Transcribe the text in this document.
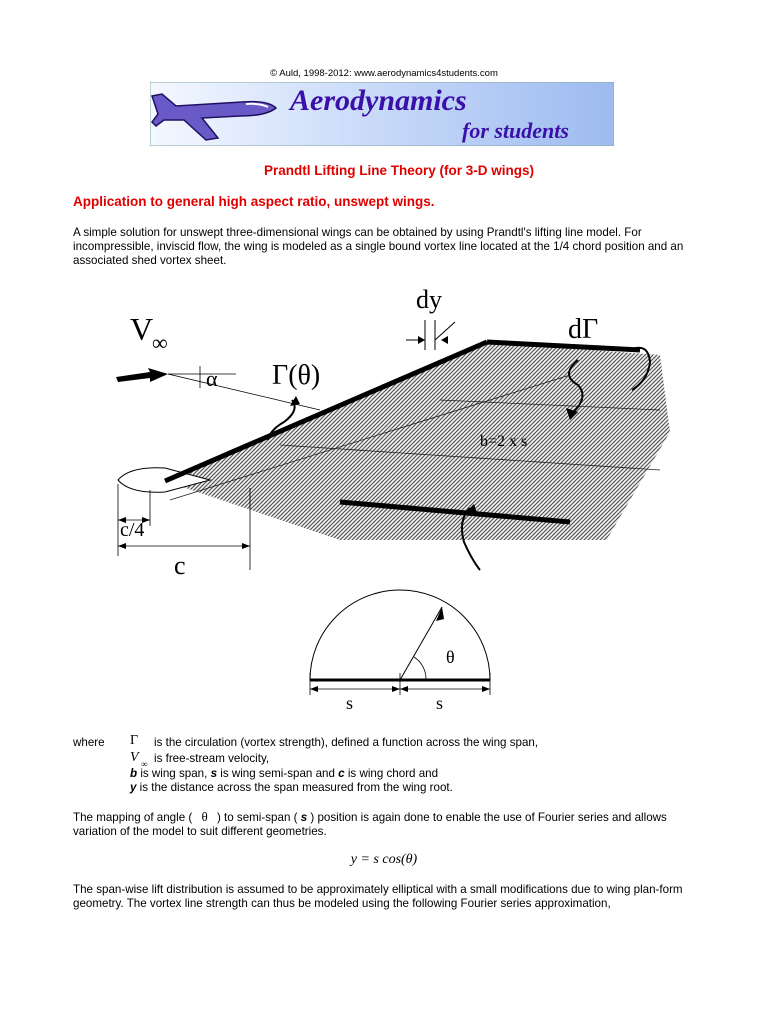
© Auld, 1998-2012: www.aerodynamics4students.com
Aerodynamics
for students
Prandtl Lifting Line Theory (for 3-D wings)
Application to general high aspect ratio, unswept wings.
A simple solution for unswept three-dimensional wings can be obtained by using Prandtl's lifting line model. For incompressible, inviscid flow, the wing is modeled as a single bound vortex line located at the 1/4 chord position and an associated shed vortex sheet.
V
∞
α Γ(θ)
dy
dΓ
b=2 x s
c/4
c
θ
s	s
where Γ is the circulation (vortex strength), defined a function across the wing span,
V ∞ is free-stream velocity,
b is wing span, s is wing semi-span and c is wing chord and
y is the distance across the span measured from the wing root.
The mapping of angle ( θ ) to semi-span ( s ) position is again done to enable the use of Fourier series and allows variation of the model to suit different geometries.
y = s cos(θ)
The span-wise lift distribution is assumed to be approximately elliptical with a small modifications due to wing plan-form geometry. The vortex line strength can thus be modeled using the following Fourier series approximation,
